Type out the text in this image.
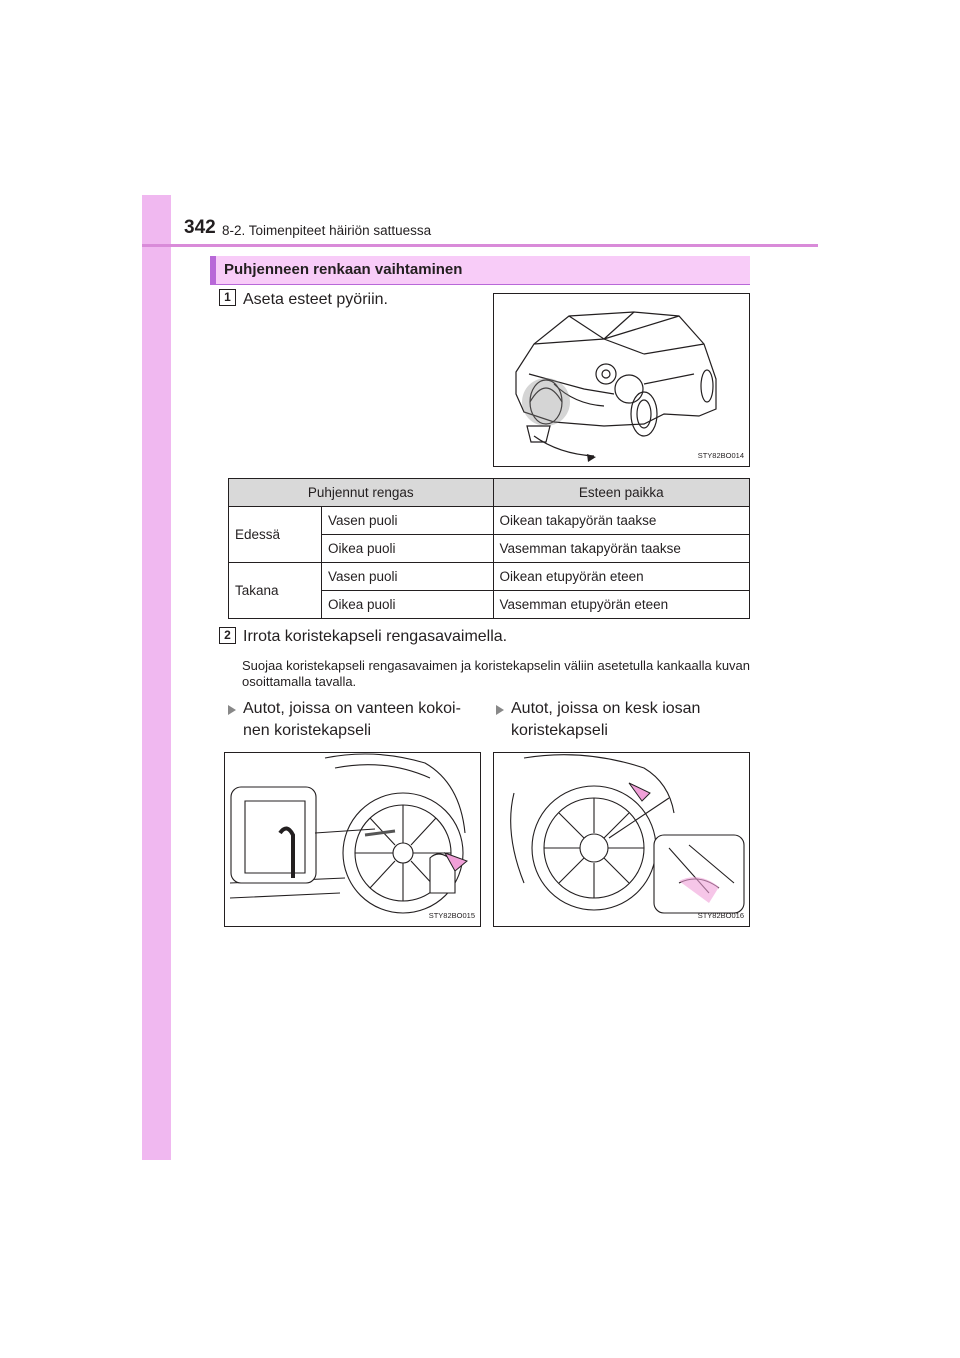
342 8-2. Toimenpiteet häiriön sattuessa
Puhjenneen renkaan vaihtaminen
1 Aseta esteet pyöriin.
STY82BO014
Puhjennut rengas		Esteen paikka
Edessä	Vasen puoli	Oikean takapyörän taakse
	Oikea puoli	Vasemman takapyörän taakse
Takana	Vasen puoli	Oikean etupyörän eteen
	Oikea puoli	Vasemman etupyörän eteen
2 Irrota koristekapseli rengasavaimella.
Suojaa koristekapseli rengasavaimen ja koristekapselin väliin asetetulla kankaalla kuvan osoittamalla tavalla.
Autot, joissa on vanteen kokoi-
nen koristekapseli
Autot, joissa on kesk iosan
koristekapseli
STY82BO015	STY82BO016
